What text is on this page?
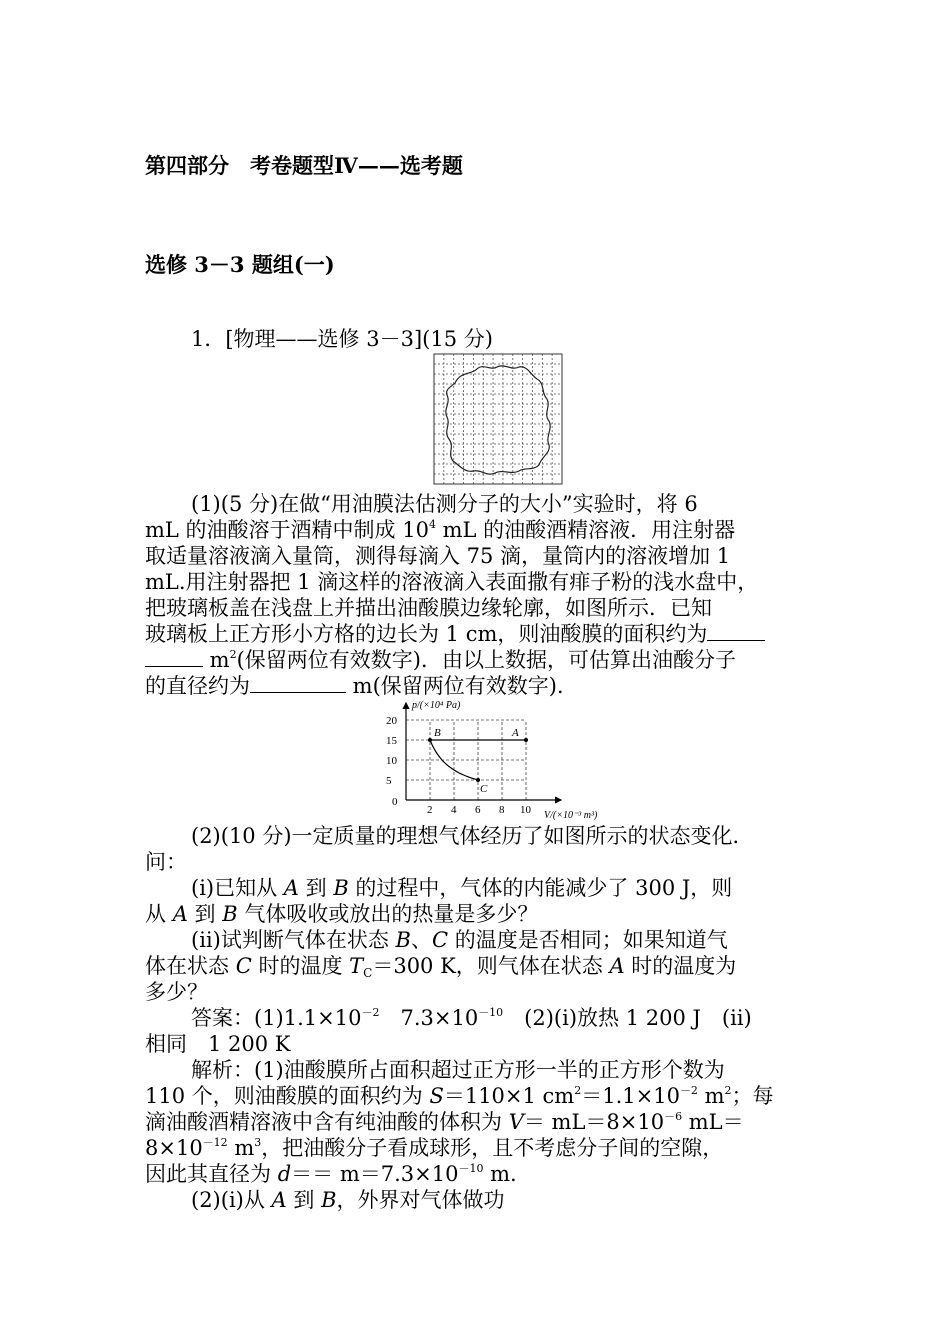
第四部分　考卷题型Ⅳ——选考题
选修 3－3 题组(一)
1．[物理——选修 3－3](15 分)
(1)(5 分)在做“用油膜法估测分子的大小”实验时，将 6
mL 的油酸溶于酒精中制成 $10^4$ mL 的油酸酒精溶液．用注射器
取适量溶液滴入量筒，测得每滴入 75 滴，量筒内的溶液增加 1
mL.用注射器把 1 滴这样的溶液滴入表面撒有痱子粉的浅水盘中，
把玻璃板盖在浅盘上并描出油酸膜边缘轮廓，如图所示．已知
玻璃板上正方形小方格的边长为 1 cm，则油酸膜的面积约为
$m^2$(保留两位有效数字)．由以上数据，可估算出油酸分子
的直径约为	m(保留两位有效数字)．
p/(×10⁴ Pa)
V/(×10⁻³ m³)
0
20
15
10
5
2 4 6 8 10
A
B
C
(2)(10 分)一定质量的理想气体经历了如图所示的状态变化．
问：
(ⅰ)已知从 A 到 B 的过程中，气体的内能减少了 300 J，则
从 A 到 B 气体吸收或放出的热量是多少？
(ⅱ)试判断气体在状态 B、C 的温度是否相同；如果知道气
体在状态 C 时的温度 $T_C=300$ K，则气体在状态 A 时的温度为
多少？
答案：$(1)1.1\times 10^{-2}$　$7.3\times 10^{-10}$　(2)(ⅰ)放热 1 200 J　(ⅱ)
相同　1 200 K
解析：(1)油酸膜所占面积超过正方形一半的正方形个数为
110 个，则油酸膜的面积约为 S＝110×1 $cm^2=1.1\times 10^{-2}$ $m^2$；每
滴油酸酒精溶液中含有纯油酸的体积为 $V= mL=8\times 10^{-6}$ mL＝
$8\times 10^{-12}$ $m^3$，把油酸分子看成球形，且不考虑分子间的空隙，
因此其直径为 $d== m=7.3\times 10^{-10}$ m.
(2)(ⅰ)从 A 到 B，外界对气体做功
